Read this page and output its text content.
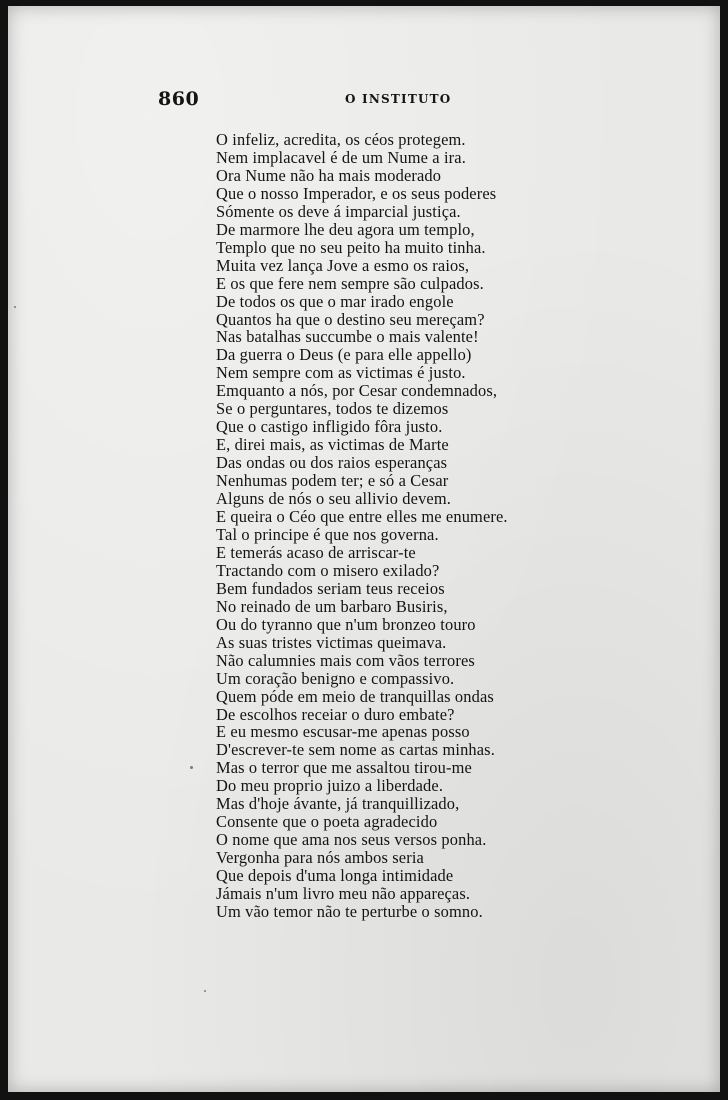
860	O INSTITUTO
O infeliz, acredita, os céos protegem.
Nem implacavel é de um Nume a ira.
Ora Nume não ha mais moderado
Que o nosso Imperador, e os seus poderes
Sómente os deve á imparcial justiça.
De marmore lhe deu agora um templo,
Templo que no seu peito ha muito tinha.
Muita vez lança Jove a esmo os raios,
E os que fere nem sempre são culpados.
De todos os que o mar irado engole
Quantos ha que o destino seu mereçam?
Nas batalhas succumbe o mais valente!
Da guerra o Deus (e para elle appello)
Nem sempre com as victimas é justo.
Emquanto a nós, por Cesar condemnados,
Se o perguntares, todos te dizemos
Que o castigo infligido fôra justo.
E, direi mais, as victimas de Marte
Das ondas ou dos raios esperanças
Nenhumas podem ter; e só a Cesar
Alguns de nós o seu allivio devem.
E queira o Céo que entre elles me enumere.
Tal o principe é que nos governa.
E temerás acaso de arriscar-te
Tractando com o misero exilado?
Bem fundados seriam teus receios
No reinado de um barbaro Busiris,
Ou do tyranno que n'um bronzeo touro
As suas tristes victimas queimava.
Não calumnies mais com vãos terrores
Um coração benigno e compassivo.
Quem póde em meio de tranquillas ondas
De escolhos receiar o duro embate?
E eu mesmo escusar-me apenas posso
D'escrever-te sem nome as cartas minhas.
Mas o terror que me assaltou tirou-me
Do meu proprio juizo a liberdade.
Mas d'hoje ávante, já tranquillizado,
Consente que o poeta agradecido
O nome que ama nos seus versos ponha.
Vergonha para nós ambos seria
Que depois d'uma longa intimidade
Jámais n'um livro meu não appareças.
Um vão temor não te perturbe o somno.
